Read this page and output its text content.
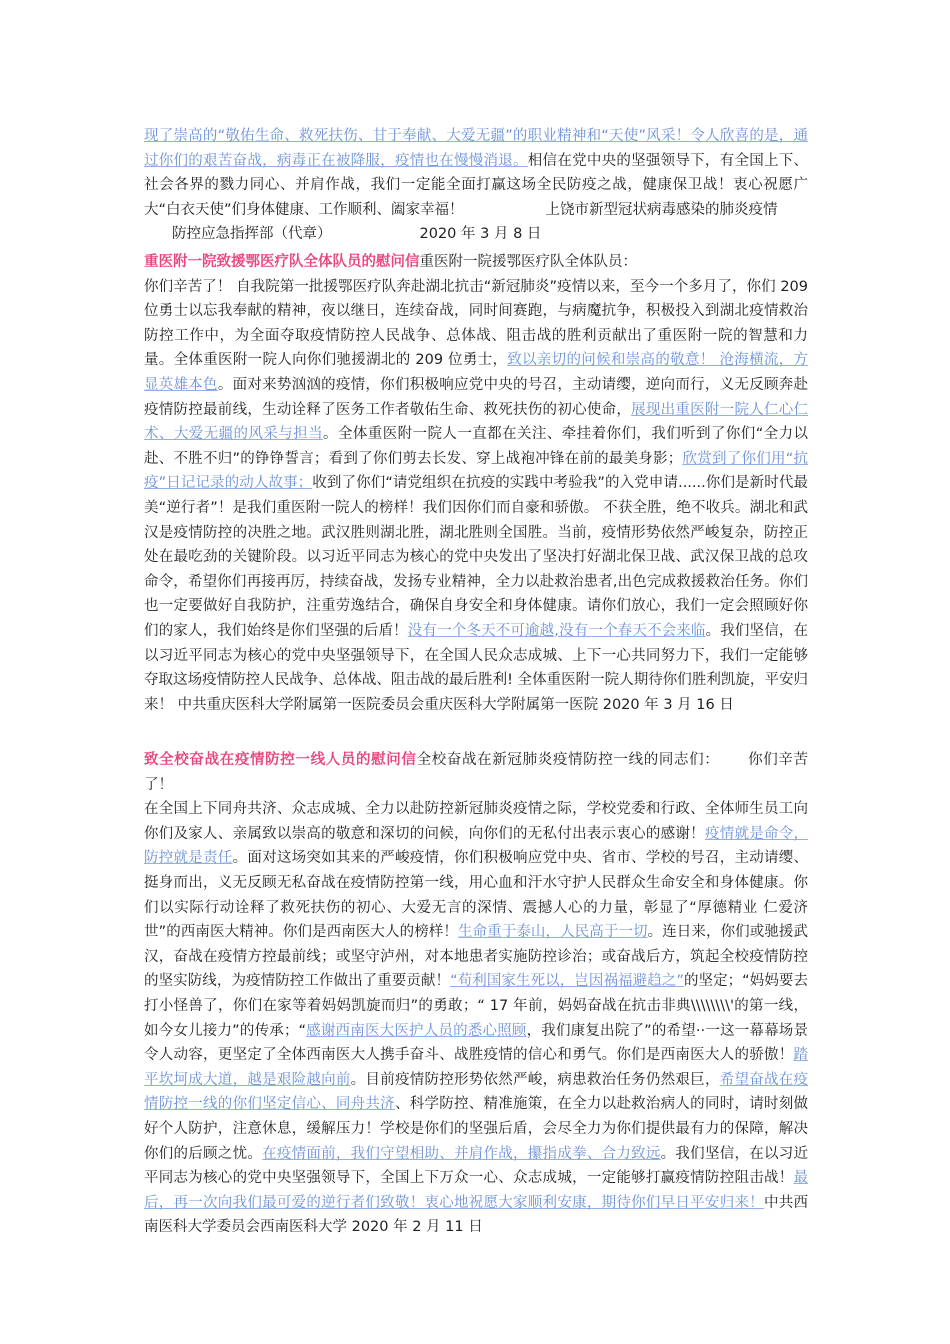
现了崇高的“敬佑生命、救死扶伤、甘于奉献、大爱无疆”的职业精神和“天使”风采！令人欣喜的是，通过你们的艰苦奋战，病毒正在被降服，疫情也在慢慢消退。相信在党中央的坚强领导下，有全国上下、社会各界的戮力同心、并肩作战，我们一定能全面打赢这场全民防疫之战，健康保卫战！衷心祝愿广大“白衣天使”们身体健康、工作顺利、阖家幸福！	上饶市新型冠状病毒感染的肺炎疫情
防控应急指挥部（代章）	2020 年 3 月 8 日
重医附一院致援鄂医疗队全体队员的慰问信重医附一院援鄂医疗队全体队员：
你们辛苦了！ 自我院第一批援鄂医疗队奔赴湖北抗击“新冠肺炎”疫情以来，至今一个多月了，你们 209 位勇士以忘我奉献的精神，夜以继日，连续奋战，同时间赛跑，与病魔抗争，积极投入到湖北疫情救治防控工作中，为全面夺取疫情防控人民战争、总体战、阻击战的胜利贡献出了重医附一院的智慧和力量。全体重医附一院人向你们驰援湖北的 209 位勇士，致以亲切的问候和崇高的敬意！ 沧海横流，方显英雄本色。面对来势汹汹的疫情，你们积极响应党中央的号召，主动请缨，逆向而行，义无反顾奔赴疫情防控最前线，生动诠释了医务工作者敬佑生命、救死扶伤的初心使命，展现出重医附一院人仁心仁术、大爱无疆的风采与担当。全体重医附一院人一直都在关注、牵挂着你们，我们听到了你们“全力以赴、不胜不归”的铮铮誓言；看到了你们剪去长发、穿上战袍冲锋在前的最美身影；欣赏到了你们用“抗疫”日记记录的动人故事；收到了你们“请党组织在抗疫的实践中考验我”的入党申请......你们是新时代最美“逆行者”！是我们重医附一院人的榜样！我们因你们而自豪和骄傲。 不获全胜，绝不收兵。湖北和武汉是疫情防控的决胜之地。武汉胜则湖北胜，湖北胜则全国胜。当前，疫情形势依然严峻复杂，防控正处在最吃劲的关键阶段。以习近平同志为核心的党中央发出了坚决打好湖北保卫战、武汉保卫战的总攻命令，希望你们再接再厉，持续奋战，发扬专业精神，全力以赴救治患者,出色完成救援救治任务。你们也一定要做好自我防护，注重劳逸结合，确保自身安全和身体健康。请你们放心，我们一定会照顾好你们的家人，我们始终是你们坚强的后盾！没有一个冬天不可逾越,没有一个春天不会来临。我们坚信，在以习近平同志为核心的党中央坚强领导下，在全国人民众志成城、上下一心共同努力下，我们一定能够夺取这场疫情防控人民战争、总体战、阻击战的最后胜利! 全体重医附一院人期待你们胜利凯旋，平安归来！ 中共重庆医科大学附属第一医院委员会重庆医科大学附属第一医院 2020 年 3 月 16 日
致全校奋战在疫情防控一线人员的慰问信全校奋战在新冠肺炎疫情防控一线的同志们： 你们辛苦了！
在全国上下同舟共济、众志成城、全力以赴防控新冠肺炎疫情之际，学校党委和行政、全体师生员工向你们及家人、亲属致以崇高的敬意和深切的问候，向你们的无私付出表示衷心的感谢！疫情就是命令，防控就是责任。面对这场突如其来的严峻疫情，你们积极响应党中央、省市、学校的号召，主动请缨、挺身而出，义无反顾无私奋战在疫情防控第一线，用心血和汗水守护人民群众生命安全和身体健康。你们以实际行动诠释了救死扶伤的初心、大爱无言的深情、震撼人心的力量，彰显了“厚德精业 仁爱济世”的西南医大精神。你们是西南医大人的榜样！生命重于泰山，人民高于一切。连日来，你们或驰援武汉，奋战在疫情方控最前线；或坚守泸州，对本地患者实施防控诊治；或奋战后方，筑起全校疫情防控的坚实防线，为疫情防控工作做出了重要贡献！“苟利国家生死以，岂因祸福避趋之”的坚定；“妈妈要去打小怪兽了，你们在家等着妈妈凯旋而归”的勇敢；“ 17 年前，妈妈奋战在抗击非典\\\\\\\\'的第一线，如今女儿接力”的传承；“感谢西南医大医护人员的悉心照顾，我们康复出院了”的希望··一这一幕幕场景令人动容，更坚定了全体西南医大人携手奋斗、战胜疫情的信心和勇气。你们是西南医大人的骄傲！踏平坎坷成大道，越是艰险越向前。目前疫情防控形势依然严峻，病患救治任务仍然艰巨，希望奋战在疫情防控一线的你们坚定信心、同舟共济、科学防控、精准施策，在全力以赴救治病人的同时，请时刻做好个人防护，注意休息，缓解压力！学校是你们的坚强后盾，会尽全力为你们提供最有力的保障，解决你们的后顾之忧。在疫情面前，我们守望相助、并肩作战，攥指成拳、合力致远。我们坚信，在以习近平同志为核心的党中央坚强领导下，全国上下万众一心、众志成城，一定能够打赢疫情防控阻击战！最后，再一次向我们最可爱的逆行者们致敬！衷心地祝愿大家顺利安康，期待你们早日平安归来！中共西南医科大学委员会西南医科大学 2020 年 2 月 11 日
